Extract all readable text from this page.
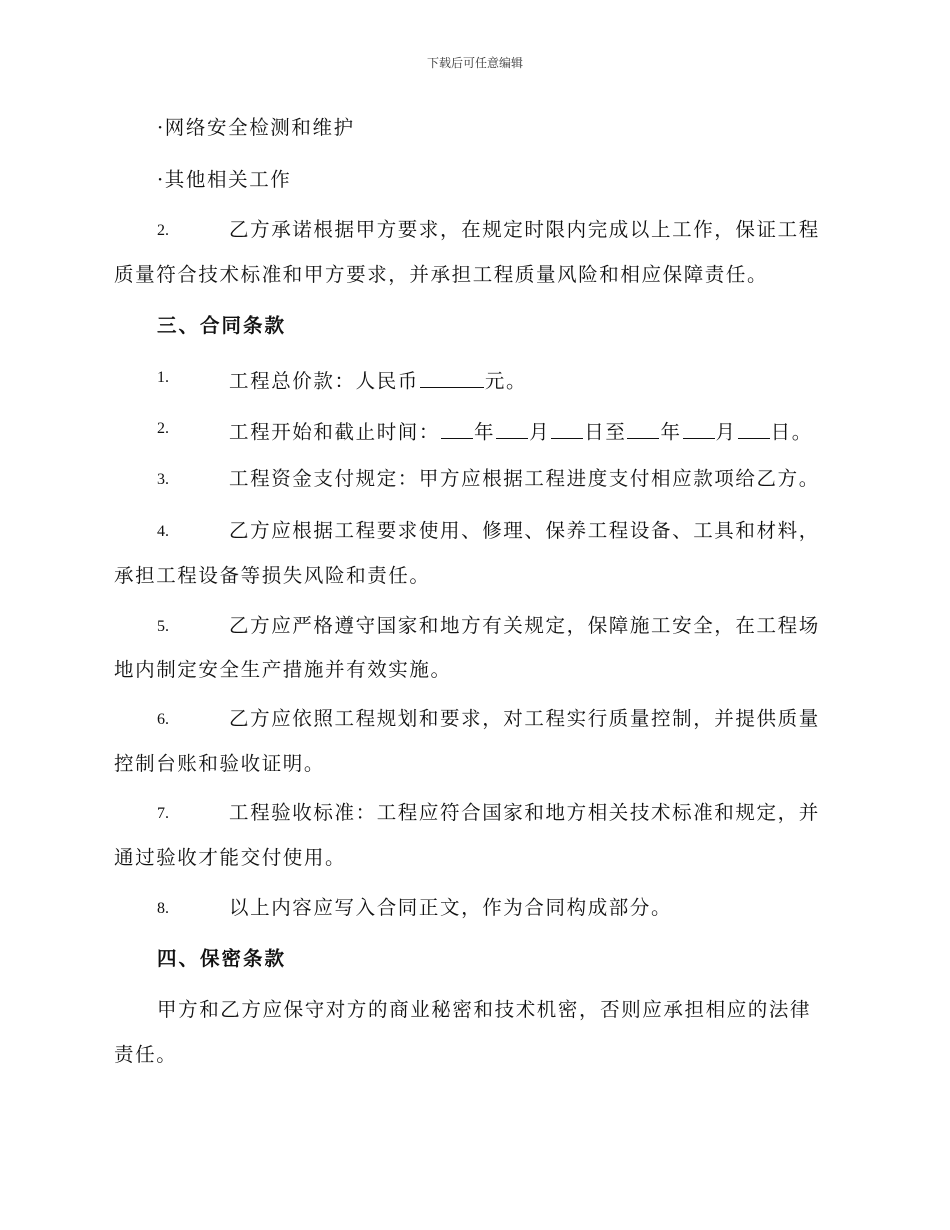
下载后可任意编辑
·网络安全检测和维护
·其他相关工作
2.	乙方承诺根据甲方要求，在规定时限内完成以上工作，保证工程
质量符合技术标准和甲方要求，并承担工程质量风险和相应保障责任。
三、合同条款
1.	工程总价款：人民币	元。
2.	工程开始和截止时间： 年 月 日至 年 月 日。
3.	工程资金支付规定：甲方应根据工程进度支付相应款项给乙方。
4.	乙方应根据工程要求使用、修理、保养工程设备、工具和材料，
承担工程设备等损失风险和责任。
5.	乙方应严格遵守国家和地方有关规定，保障施工安全，在工程场
地内制定安全生产措施并有效实施。
6.	乙方应依照工程规划和要求，对工程实行质量控制，并提供质量
控制台账和验收证明。
7.	工程验收标准：工程应符合国家和地方相关技术标准和规定，并
通过验收才能交付使用。
8.	以上内容应写入合同正文，作为合同构成部分。
四、保密条款
甲方和乙方应保守对方的商业秘密和技术机密，否则应承担相应的法律
责任。
